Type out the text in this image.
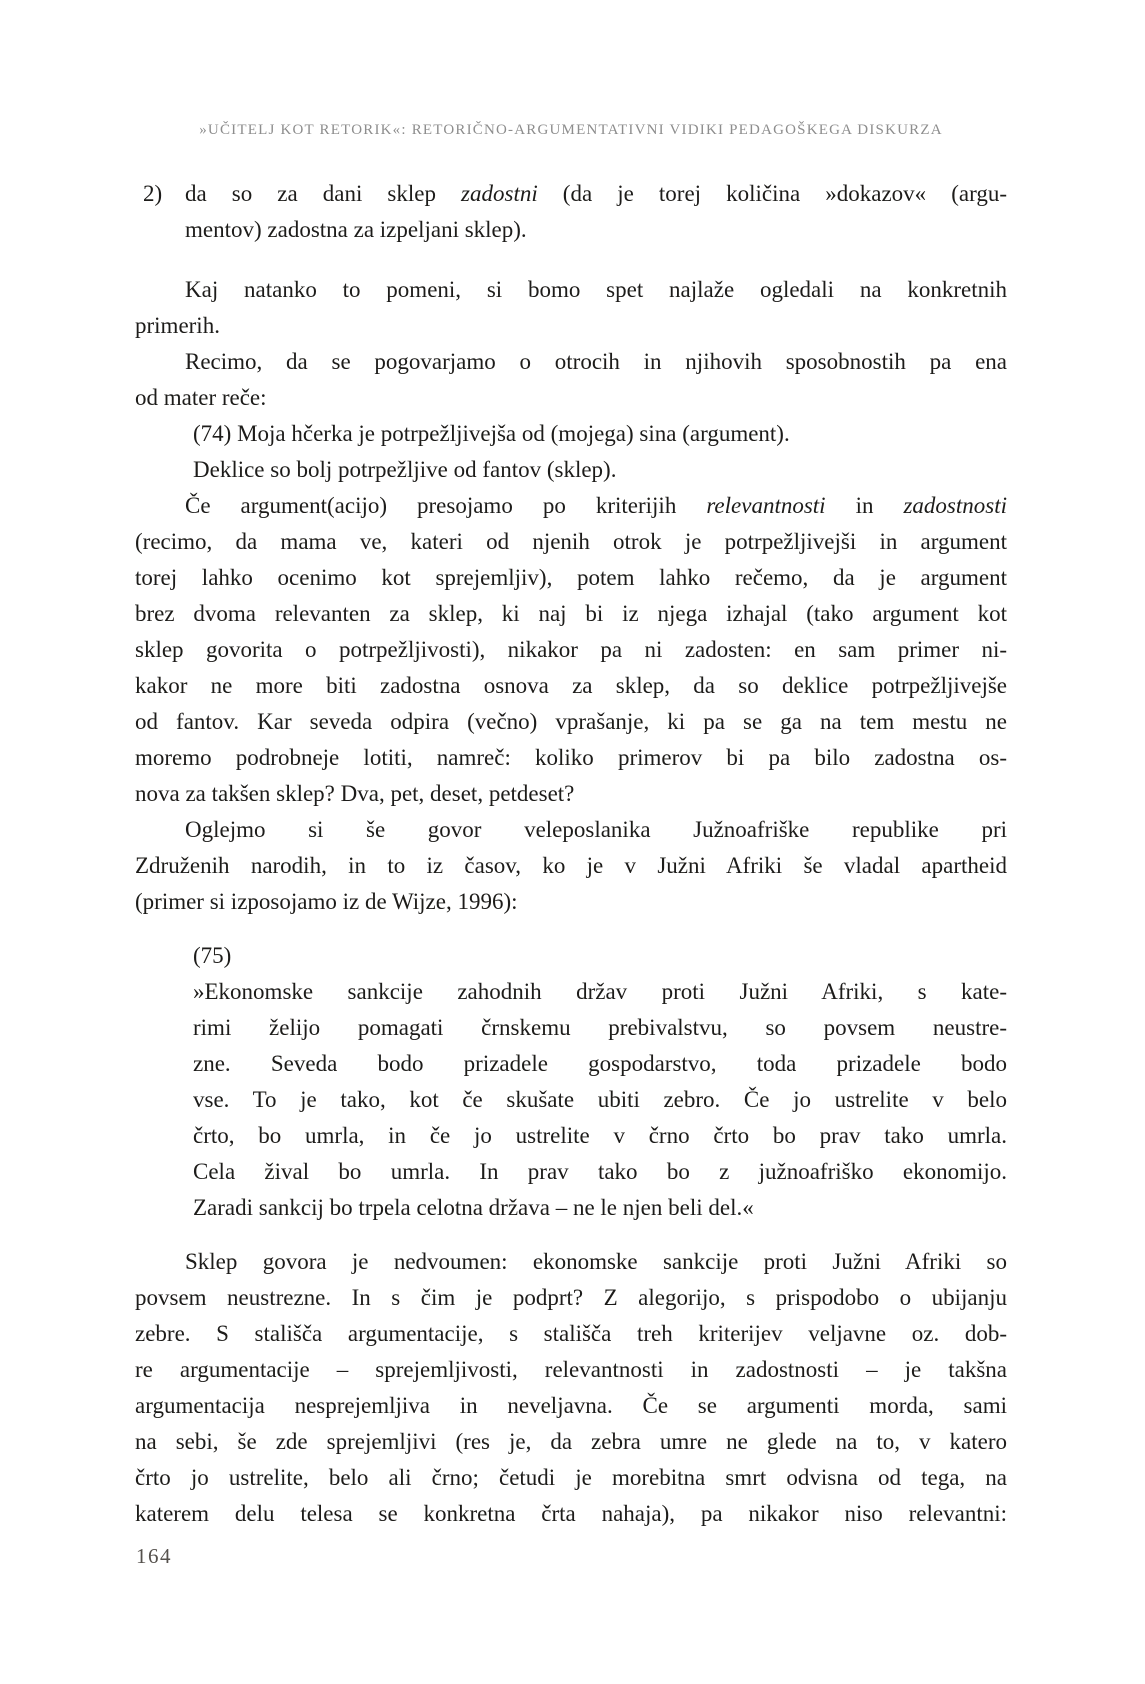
»UČITELJ KOT RETORIK«: RETORIČNO-ARGUMENTATIVNI VIDIKI PEDAGOŠKEGA DISKURZA
2) da so za dani sklep zadostni (da je torej količina »dokazov« (argu-
mentov) zadostna za izpeljani sklep).
Kaj natanko to pomeni, si bomo spet najlaže ogledali na konkretnih
primerih.
Recimo, da se pogovarjamo o otrocih in njihovih sposobnostih pa ena
od mater reče:
(74) Moja hčerka je potrpežljivejša od (mojega) sina (argument).
Deklice so bolj potrpežljive od fantov (sklep).
Če argument(acijo) presojamo po kriterijih relevantnosti in zadostnosti
(recimo, da mama ve, kateri od njenih otrok je potrpežljivejši in argument
torej lahko ocenimo kot sprejemljiv), potem lahko rečemo, da je argument
brez dvoma relevanten za sklep, ki naj bi iz njega izhajal (tako argument kot
sklep govorita o potrpežljivosti), nikakor pa ni zadosten: en sam primer ni-
kakor ne more biti zadostna osnova za sklep, da so deklice potrpežljivejše
od fantov. Kar seveda odpira (večno) vprašanje, ki pa se ga na tem mestu ne
moremo podrobneje lotiti, namreč: koliko primerov bi pa bilo zadostna os-
nova za takšen sklep? Dva, pet, deset, petdeset?
Oglejmo si še govor veleposlanika Južnoafriške republike pri
Združenih narodih, in to iz časov, ko je v Južni Afriki še vladal apartheid
(primer si izposojamo iz de Wijze, 1996):
(75)
»Ekonomske sankcije zahodnih držav proti Južni Afriki, s kate-
rimi želijo pomagati črnskemu prebivalstvu, so povsem neustre-
zne. Seveda bodo prizadele gospodarstvo, toda prizadele bodo
vse. To je tako, kot če skušate ubiti zebro. Če jo ustrelite v belo
črto, bo umrla, in če jo ustrelite v črno črto bo prav tako umrla.
Cela žival bo umrla. In prav tako bo z južnoafriško ekonomijo.
Zaradi sankcij bo trpela celotna država – ne le njen beli del.«
Sklep govora je nedvoumen: ekonomske sankcije proti Južni Afriki so
povsem neustrezne. In s čim je podprt? Z alegorijo, s prispodobo o ubijanju
zebre. S stališča argumentacije, s stališča treh kriterijev veljavne oz. dob-
re argumentacije – sprejemljivosti, relevantnosti in zadostnosti – je takšna
argumentacija nesprejemljiva in neveljavna. Če se argumenti morda, sami
na sebi, še zde sprejemljivi (res je, da zebra umre ne glede na to, v katero
črto jo ustrelite, belo ali črno; četudi je morebitna smrt odvisna od tega, na
katerem delu telesa se konkretna črta nahaja), pa nikakor niso relevantni:
164
